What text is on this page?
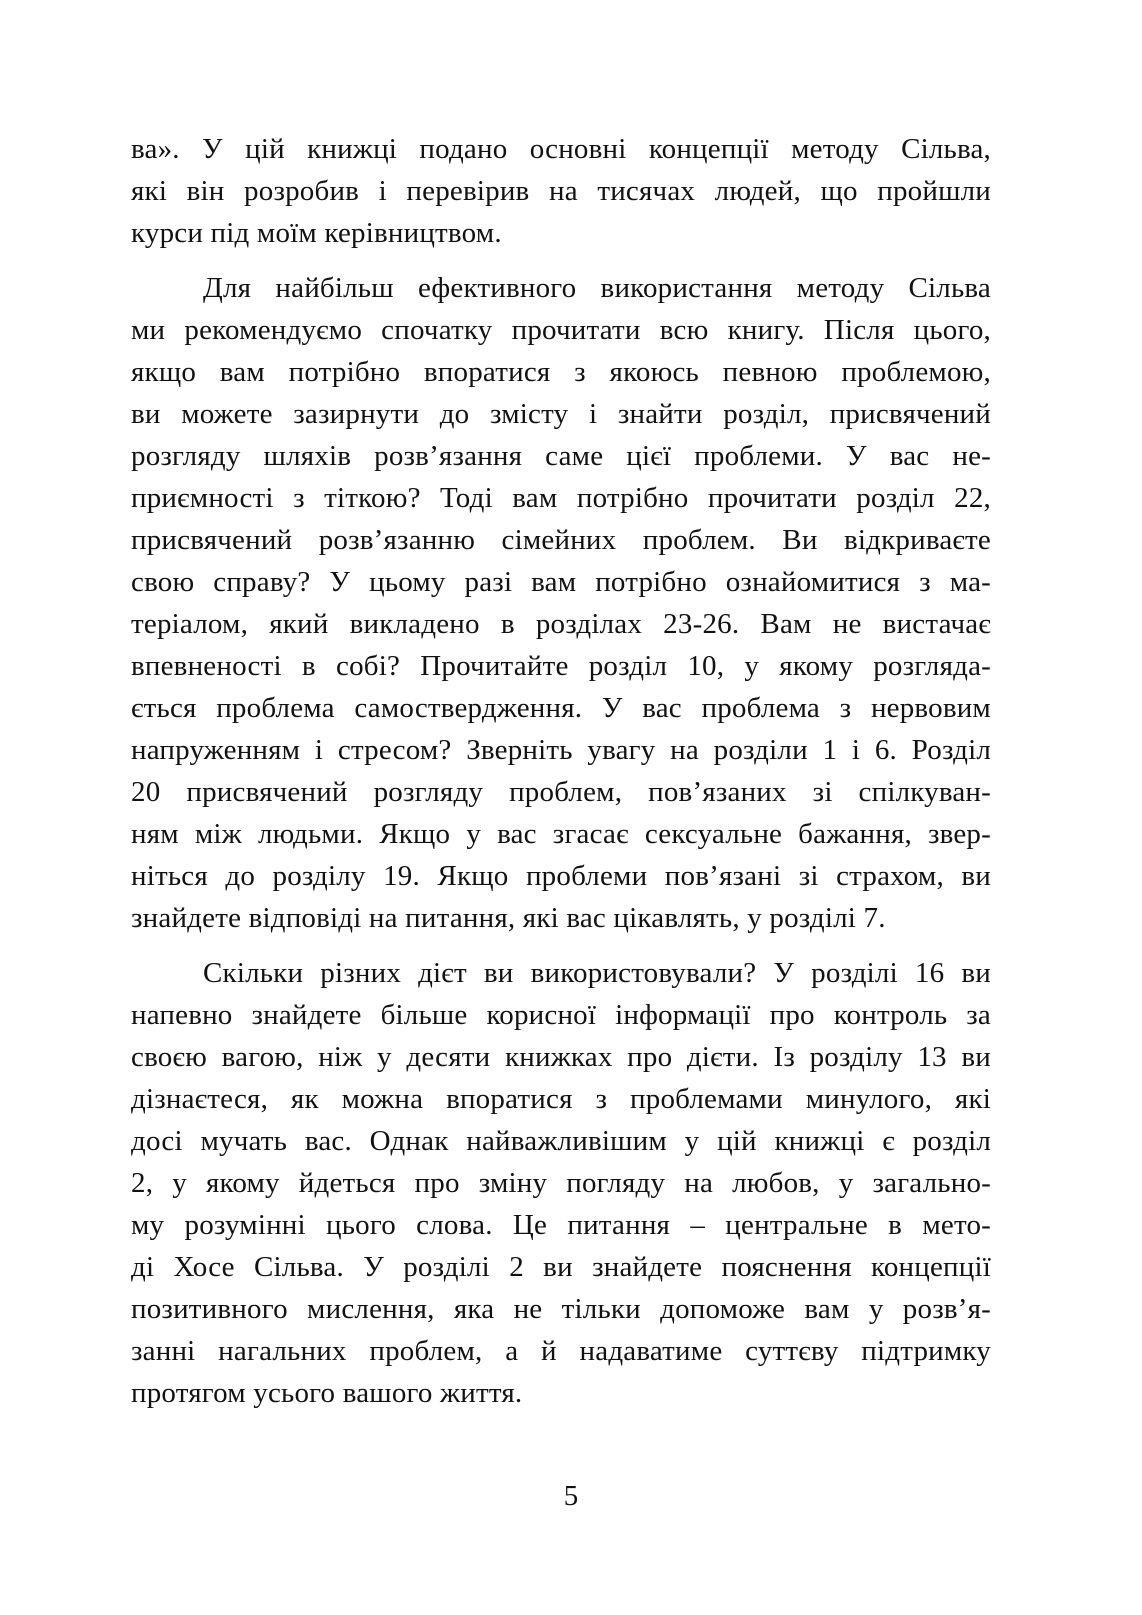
ва». У цій книжці подано основні концепції методу Сільва,
які він розробив і перевірив на тисячах людей, що пройшли
курси під моїм керівництвом.
Для найбільш ефективного використання методу Сільва
ми рекомендуємо спочатку прочитати всю книгу. Після цього,
якщо вам потрібно впоратися з якоюсь певною проблемою,
ви можете зазирнути до змісту і знайти розділ, присвячений
розгляду шляхів розв’язання саме цієї проблеми. У вас не-
приємності з тіткою? Тоді вам потрібно прочитати розділ 22,
присвячений розв’язанню сімейних проблем. Ви відкриваєте
свою справу? У цьому разі вам потрібно ознайомитися з ма-
теріалом, який викладено в розділах 23-26. Вам не вистачає
впевненості в собі? Прочитайте розділ 10, у якому розгляда-
ється проблема самоствердження. У вас проблема з нервовим
напруженням і стресом? Зверніть увагу на розділи 1 і 6. Розділ
20 присвячений розгляду проблем, пов’язаних зі спілкуван-
ням між людьми. Якщо у вас згасає сексуальне бажання, звер-
ніться до розділу 19. Якщо проблеми пов’язані зі страхом, ви
знайдете відповіді на питання, які вас цікавлять, у розділі 7.
Скільки різних дієт ви використовували? У розділі 16 ви
напевно знайдете більше корисної інформації про контроль за
своєю вагою, ніж у десяти книжках про дієти. Із розділу 13 ви
дізнаєтеся, як можна впоратися з проблемами минулого, які
досі мучать вас. Однак найважливішим у цій книжці є розділ
2, у якому йдеться про зміну погляду на любов, у загально-
му розумінні цього слова. Це питання – центральне в мето-
ді Хосе Сільва. У розділі 2 ви знайдете пояснення концепції
позитивного мислення, яка не тільки допоможе вам у розв’я-
занні нагальних проблем, а й надаватиме суттєву підтримку
протягом усього вашого життя.
5
